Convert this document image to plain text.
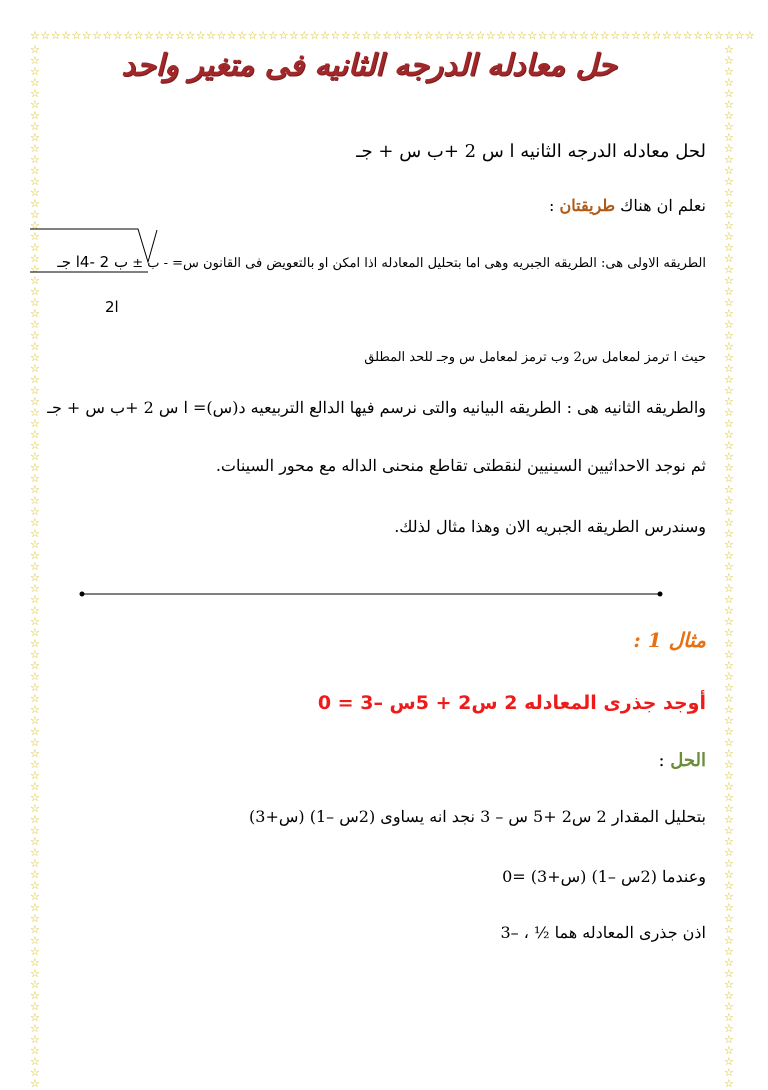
☆☆☆☆☆☆☆☆☆☆☆☆☆☆☆☆☆☆☆☆☆☆☆☆☆☆☆☆☆☆☆☆☆☆☆☆☆☆☆☆☆☆☆☆☆☆☆☆☆☆☆☆☆☆☆☆☆☆☆☆☆☆☆☆☆☆☆☆☆☆
☆☆☆☆☆☆☆☆☆☆☆☆☆☆☆☆☆☆☆☆☆☆☆☆☆☆☆☆☆☆☆☆☆☆☆☆☆☆☆☆☆☆☆☆☆☆☆☆☆☆☆☆☆☆☆☆☆☆☆☆☆☆☆☆☆☆☆☆☆☆☆☆☆☆☆☆☆☆☆☆☆☆☆☆☆☆☆☆☆☆☆☆☆☆☆
☆☆☆☆☆☆☆☆☆☆☆☆☆☆☆☆☆☆☆☆☆☆☆☆☆☆☆☆☆☆☆☆☆☆☆☆☆☆☆☆☆☆☆☆☆☆☆☆☆☆☆☆☆☆☆☆☆☆☆☆☆☆☆☆☆☆☆☆☆☆☆☆☆☆☆☆☆☆☆☆☆☆☆☆☆☆☆☆☆☆☆☆☆☆☆
حل معادله الدرجه الثانيه فى متغير واحد
لحل معادله الدرجه الثانيه ا س 2 +ب س + جـ
نعلم ان هناك طريقتان :
الطريقه الاولى هى: الطريقه الجبريه وهى اما بتحليل المعادله اذا امكن او بالتعويض فى القانون س= - ب ± ب 2 -4ا جـ
ا2
حيث ا ترمز لمعامل س2 وب ترمز لمعامل س وجـ للحد المطلق
والطريقه الثانيه هى : الطريقه البيانيه والتى نرسم فيها الدالع التربيعيه د(س)= ا س 2 +ب س + جـ
ثم نوجد الاحداثيين السينيين لنقطتى تقاطع منحنى الداله مع محور السينات.
وسندرس الطريقه الجبريه الان وهذا مثال لذلك.
مثال 1 :
أوجد جذرى المعادله 2 س2 + 5س –3 = 0
الحل :
بتحليل المقدار 2 س2 +5 س – 3 نجد انه يساوى (2س –1) (س+3)
وعندما (2س –1) (س+3) =0
اذن جذرى المعادله هما ½ ، –3
